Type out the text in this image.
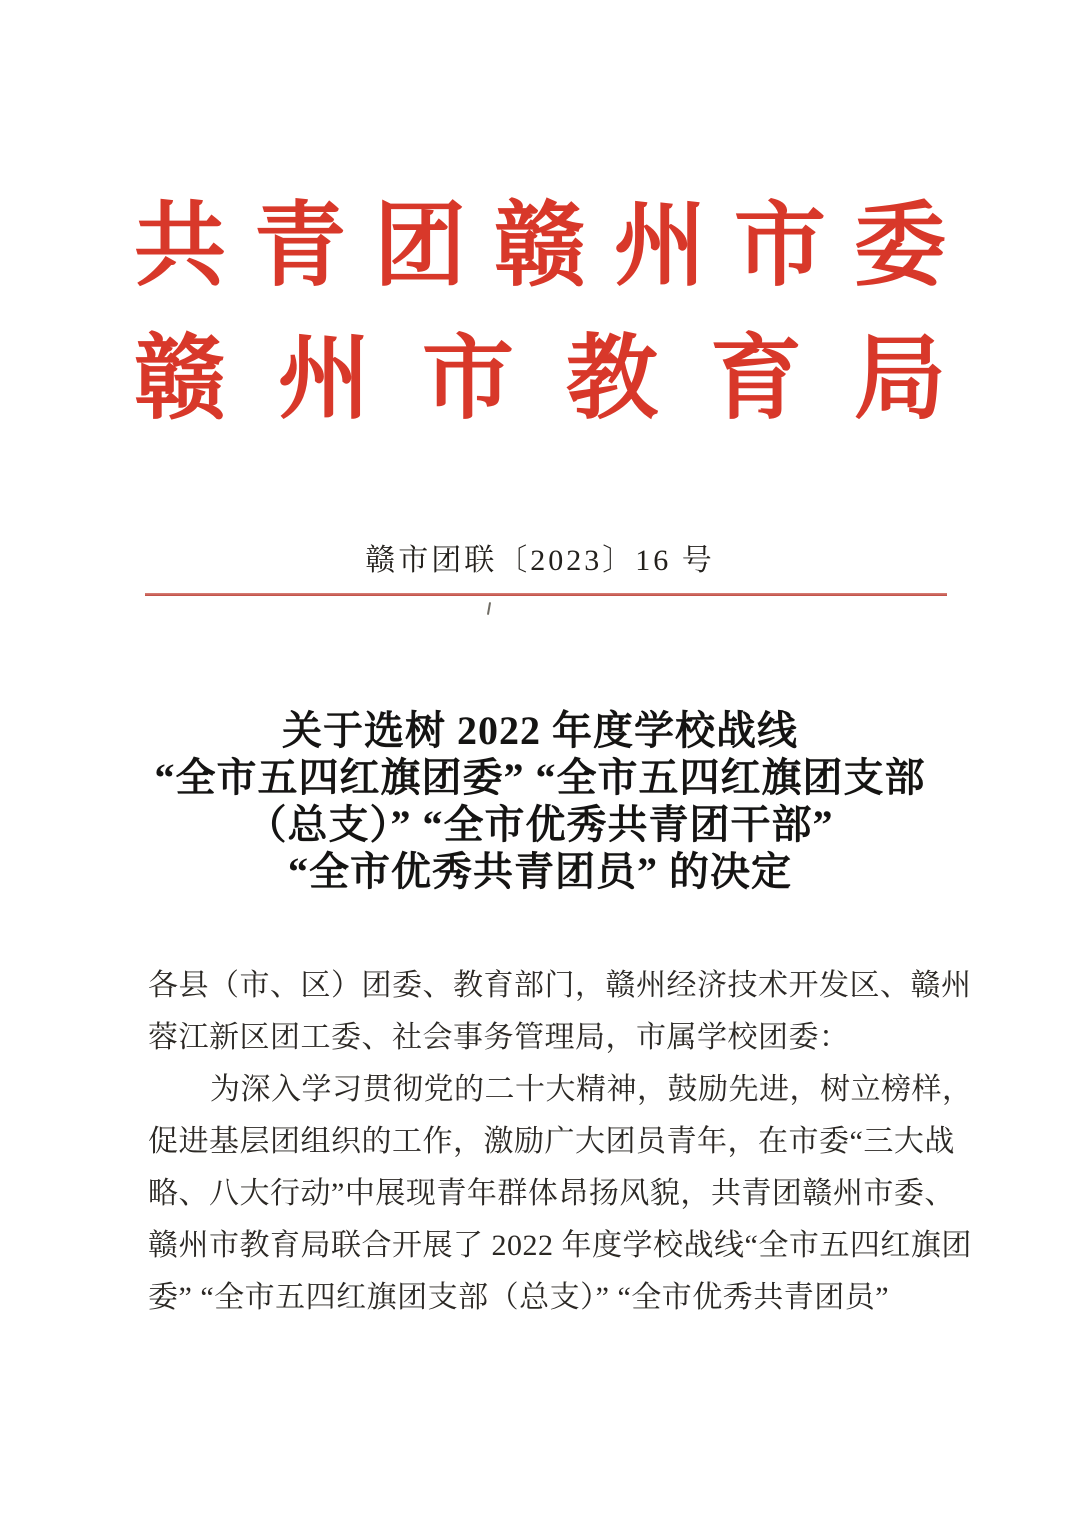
共 青 团 赣 州 市 委
赣 州 市 教 育 局
赣市团联〔2023〕16 号
关于选树 2022 年度学校战线
“全市五四红旗团委” “全市五四红旗团支部
（总支）” “全市优秀共青团干部”
“全市优秀共青团员” 的决定

各县（市、区）团委、教育部门，赣州经济技术开发区、赣州
蓉江新区团工委、社会事务管理局，市属学校团委：

为深入学习贯彻党的二十大精神，鼓励先进，树立榜样，
促进基层团组织的工作，激励广大团员青年，在市委“三大战
略、八大行动”中展现青年群体昂扬风貌，共青团赣州市委、
赣州市教育局联合开展了 2022 年度学校战线“全市五四红旗团
委” “全市五四红旗团支部（总支）” “全市优秀共青团员”
